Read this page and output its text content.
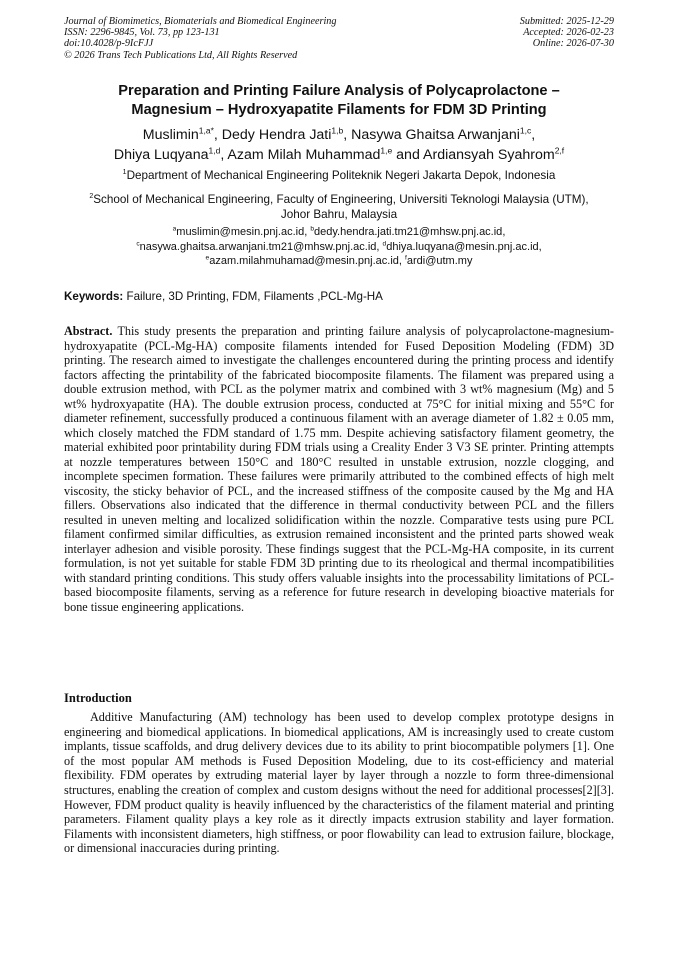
Journal of Biomimetics, Biomaterials and Biomedical Engineering
ISSN: 2296-9845, Vol. 73, pp 123-131
doi:10.4028/p-9IcFJJ
© 2026 Trans Tech Publications Ltd, All Rights Reserved
Submitted: 2025-12-29
Accepted: 2026-02-23
Online: 2026-07-30
Preparation and Printing Failure Analysis of Polycaprolactone –
Magnesium – Hydroxyapatite Filaments for FDM 3D Printing
Muslimin$^{1,a*}$, Dedy Hendra Jati$^{1,b}$, Nasywa Ghaitsa Arwanjani$^{1,c}$,
Dhiya Luqyana$^{1,d}$, Azam Milah Muhammad$^{1,e}$ and Ardiansyah Syahrom$^{2,f}$
$^1$Department of Mechanical Engineering Politeknik Negeri Jakarta Depok, Indonesia
$^2$School of Mechanical Engineering, Faculty of Engineering, Universiti Teknologi Malaysia (UTM),
Johor Bahru, Malaysia
$^a$muslimin@mesin.pnj.ac.id, $^b$dedy.hendra.jati.tm21@mhsw.pnj.ac.id,
$^c$nasywa.ghaitsa.arwanjani.tm21@mhsw.pnj.ac.id, $^d$dhiya.luqyana@mesin.pnj.ac.id,
$^e$azam.milahmuhamad@mesin.pnj.ac.id, $^f$ardi@utm.my
Keywords: Failure, 3D Printing, FDM, Filaments ,PCL-Mg-HA
Abstract. This study presents the preparation and printing failure analysis of polycaprolactone-magnesium-hydroxyapatite (PCL-Mg-HA) composite filaments intended for Fused Deposition Modeling (FDM) 3D printing. The research aimed to investigate the challenges encountered during the printing process and identify factors affecting the printability of the fabricated biocomposite filaments. The filament was prepared using a double extrusion method, with PCL as the polymer matrix and combined with 3 wt% magnesium (Mg) and 5 wt% hydroxyapatite (HA). The double extrusion process, conducted at 75°C for initial mixing and 55°C for diameter refinement, successfully produced a continuous filament with an average diameter of 1.82 ± 0.05 mm, which closely matched the FDM standard of 1.75 mm. Despite achieving satisfactory filament geometry, the material exhibited poor printability during FDM trials using a Creality Ender 3 V3 SE printer. Printing attempts at nozzle temperatures between 150°C and 180°C resulted in unstable extrusion, nozzle clogging, and incomplete specimen formation. These failures were primarily attributed to the combined effects of high melt viscosity, the sticky behavior of PCL, and the increased stiffness of the composite caused by the Mg and HA fillers. Observations also indicated that the difference in thermal conductivity between PCL and the fillers resulted in uneven melting and localized solidification within the nozzle. Comparative tests using pure PCL filament confirmed similar difficulties, as extrusion remained inconsistent and the printed parts showed weak interlayer adhesion and visible porosity. These findings suggest that the PCL-Mg-HA composite, in its current formulation, is not yet suitable for stable FDM 3D printing due to its rheological and thermal incompatibilities with standard printing conditions. This study offers valuable insights into the processability limitations of PCL-based biocomposite filaments, serving as a reference for future research in developing bioactive materials for bone tissue engineering applications.
Introduction
Additive Manufacturing (AM) technology has been used to develop complex prototype designs in engineering and biomedical applications. In biomedical applications, AM is increasingly used to create custom implants, tissue scaffolds, and drug delivery devices due to its ability to print biocompatible polymers [1]. One of the most popular AM methods is Fused Deposition Modeling, due to its cost-efficiency and material flexibility. FDM operates by extruding material layer by layer through a nozzle to form three-dimensional structures, enabling the creation of complex and custom designs without the need for additional processes[2][3]. However, FDM product quality is heavily influenced by the characteristics of the filament material and printing parameters. Filament quality plays a key role as it directly impacts extrusion stability and layer formation. Filaments with inconsistent diameters, high stiffness, or poor flowability can lead to extrusion failure, blockage, or dimensional inaccuracies during printing.
